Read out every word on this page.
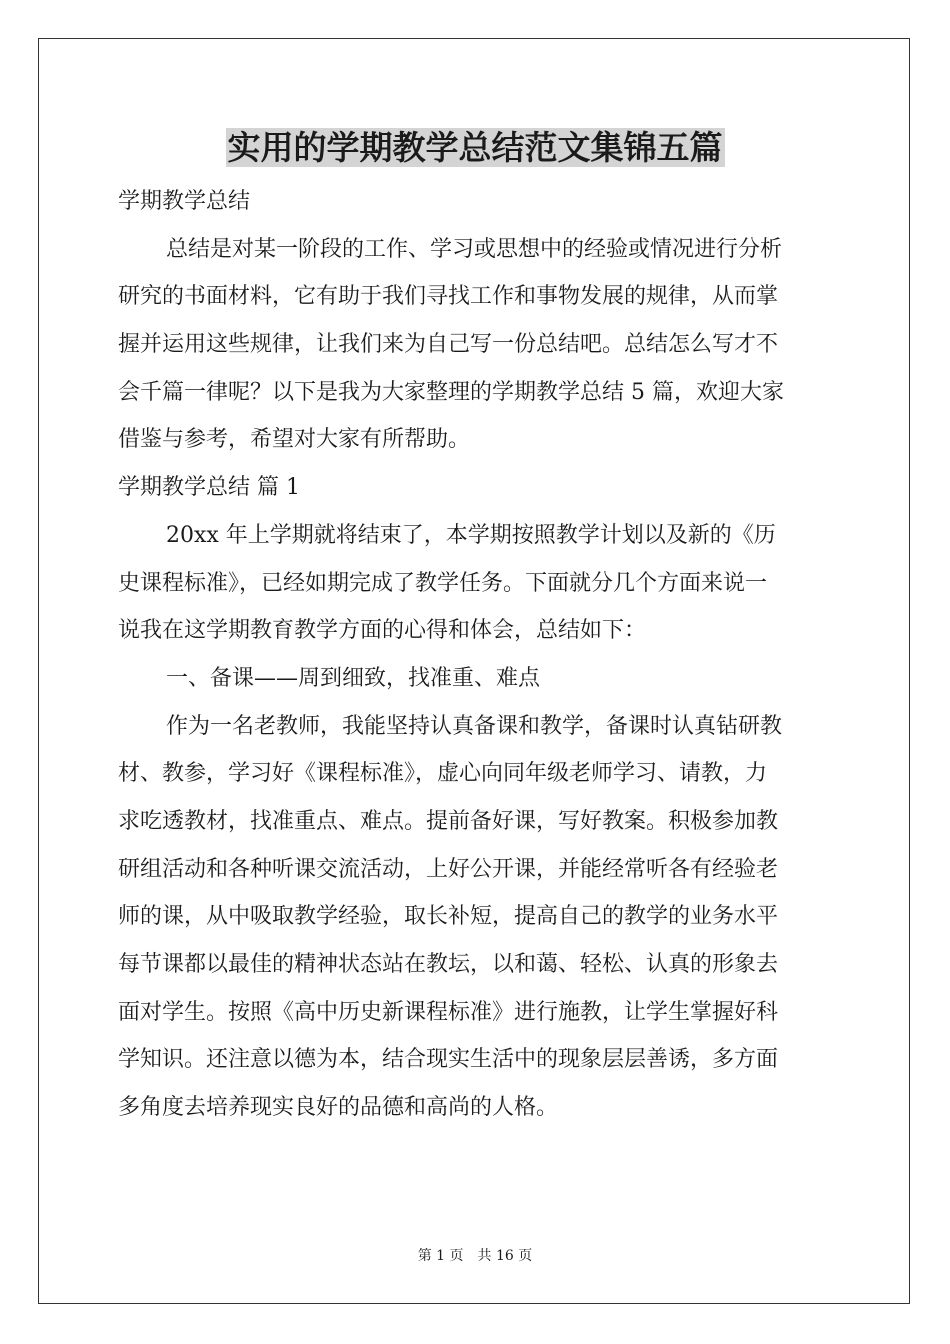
实用的学期教学总结范文集锦五篇
学期教学总结
总结是对某一阶段的工作、学习或思想中的经验或情况进行分析
研究的书面材料，它有助于我们寻找工作和事物发展的规律，从而掌
握并运用这些规律，让我们来为自己写一份总结吧。总结怎么写才不
会千篇一律呢？以下是我为大家整理的学期教学总结 5 篇，欢迎大家
借鉴与参考，希望对大家有所帮助。
学期教学总结 篇 1
20xx 年上学期就将结束了，本学期按照教学计划以及新的《历
史课程标准》，已经如期完成了教学任务。下面就分几个方面来说一
说我在这学期教育教学方面的心得和体会，总结如下：
一、备课——周到细致，找准重、难点
作为一名老教师，我能坚持认真备课和教学，备课时认真钻研教
材、教参，学习好《课程标准》，虚心向同年级老师学习、请教，力
求吃透教材，找准重点、难点。提前备好课，写好教案。积极参加教
研组活动和各种听课交流活动，上好公开课，并能经常听各有经验老
师的课，从中吸取教学经验，取长补短，提高自己的教学的业务水平
每节课都以最佳的精神状态站在教坛，以和蔼、轻松、认真的形象去
面对学生。按照《高中历史新课程标准》进行施教，让学生掌握好科
学知识。还注意以德为本，结合现实生活中的现象层层善诱，多方面
多角度去培养现实良好的品德和高尚的人格。
第 1 页 共 16 页
